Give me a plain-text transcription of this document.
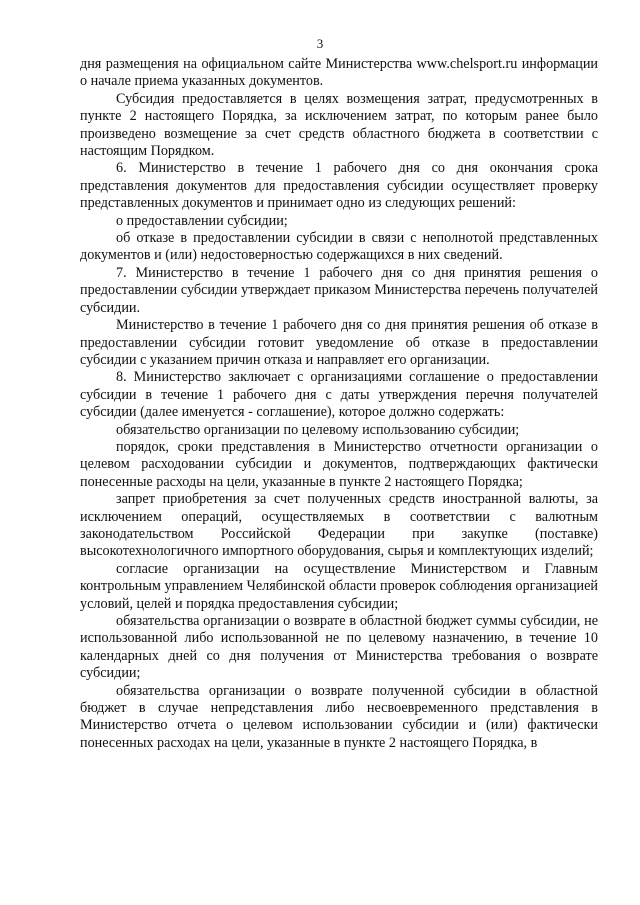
3

дня размещения на официальном сайте Министерства www.chelsport.ru информации о начале приема указанных документов.

Субсидия предоставляется в целях возмещения затрат, предусмотренных в пункте 2 настоящего Порядка, за исключением затрат, по которым ранее было произведено возмещение за счет средств областного бюджета в соответствии с настоящим Порядком.

6. Министерство в течение 1 рабочего дня со дня окончания срока представления документов для предоставления субсидии осуществляет проверку представленных документов и принимает одно из следующих решений:

о предоставлении субсидии;

об отказе в предоставлении субсидии в связи с неполнотой представленных документов и (или) недостоверностью содержащихся в них сведений.

7. Министерство в течение 1 рабочего дня со дня принятия решения о предоставлении субсидии утверждает приказом Министерства перечень получателей субсидии.

Министерство в течение 1 рабочего дня со дня принятия решения об отказе в предоставлении субсидии готовит уведомление об отказе в предоставлении субсидии с указанием причин отказа и направляет его организации.

8. Министерство заключает с организациями соглашение о предоставлении субсидии в течение 1 рабочего дня с даты утверждения перечня получателей субсидии (далее именуется - соглашение), которое должно содержать:

обязательство организации по целевому использованию субсидии;

порядок, сроки представления в Министерство отчетности организации о целевом расходовании субсидии и документов, подтверждающих фактически понесенные расходы на цели, указанные в пункте 2 настоящего Порядка;

запрет приобретения за счет полученных средств иностранной валюты, за исключением операций, осуществляемых в соответствии с валютным законодательством Российской Федерации при закупке (поставке) высокотехнологичного импортного оборудования, сырья и комплектующих изделий;

согласие организации на осуществление Министерством и Главным контрольным управлением Челябинской области проверок соблюдения организацией условий, целей и порядка предоставления субсидии;

обязательства организации о возврате в областной бюджет суммы субсидии, не использованной либо использованной не по целевому назначению, в течение 10 календарных дней со дня получения от Министерства требования о возврате субсидии;

обязательства организации о возврате полученной субсидии в областной бюджет в случае непредставления либо несвоевременного представления в Министерство отчета о целевом использовании субсидии и (или) фактически понесенных расходах на цели, указанные в пункте 2 настоящего Порядка, в
